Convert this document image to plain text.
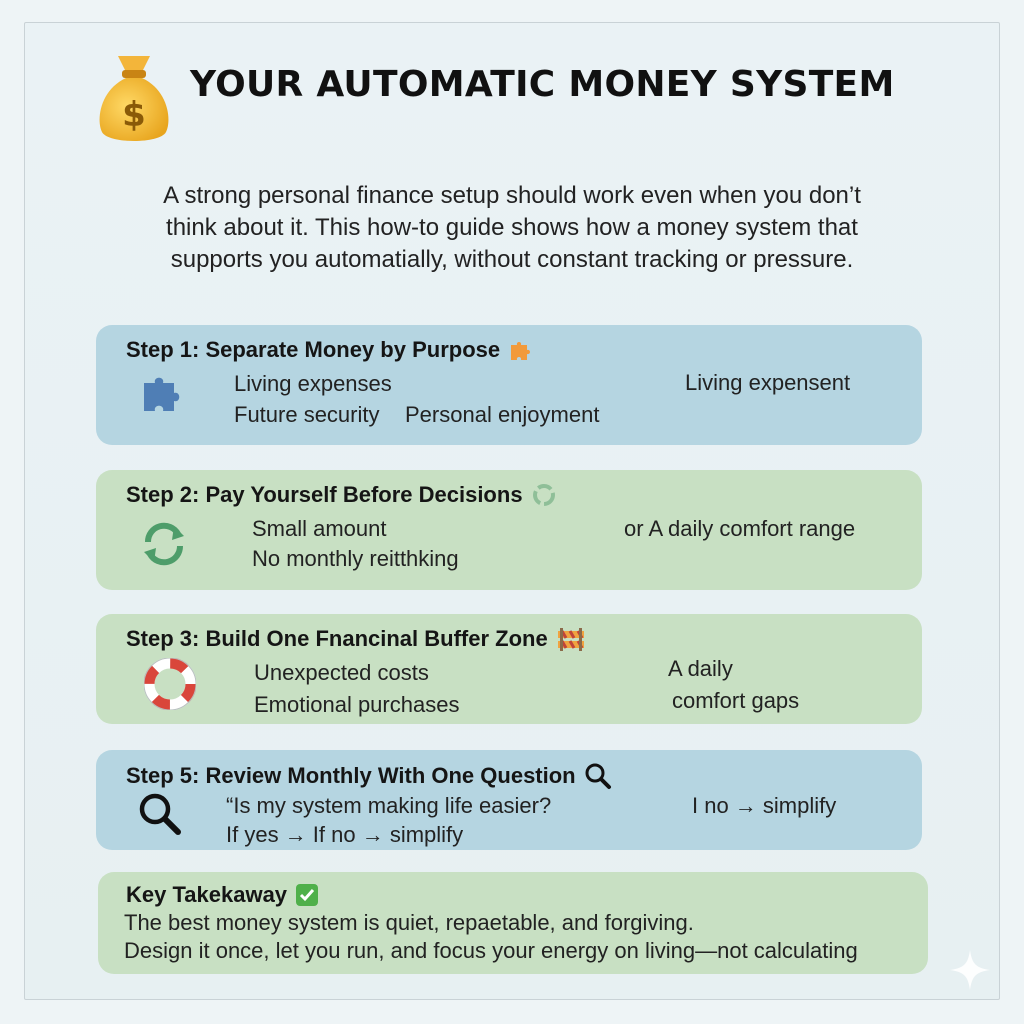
$
YOUR AUTOMATIC MONEY SYSTEM
A strong personal finance setup should work even when you don’t
think about it. This how-to guide shows how a money system that
supports you automatially, without constant tracking or pressure.
Step 1: Separate Money by Purpose
Living expenses
Future security Personal enjoyment
Living expensent
Step 2: Pay Yourself Before Decisions
Small amount
No monthly reitthking
or A daily comfort range
Step 3: Build One Fnancinal Buffer Zone
Unexpected costs
Emotional purchases
A daily
comfort gaps
Step 5: Review Monthly With One Question
“Is my system making life easier?
If yes → If no → simplify
I no → simplify
Key Takekaway
The best money system is quiet, repaetable, and forgiving.
Design it once, let you run, and focus your energy on living—not calculating
